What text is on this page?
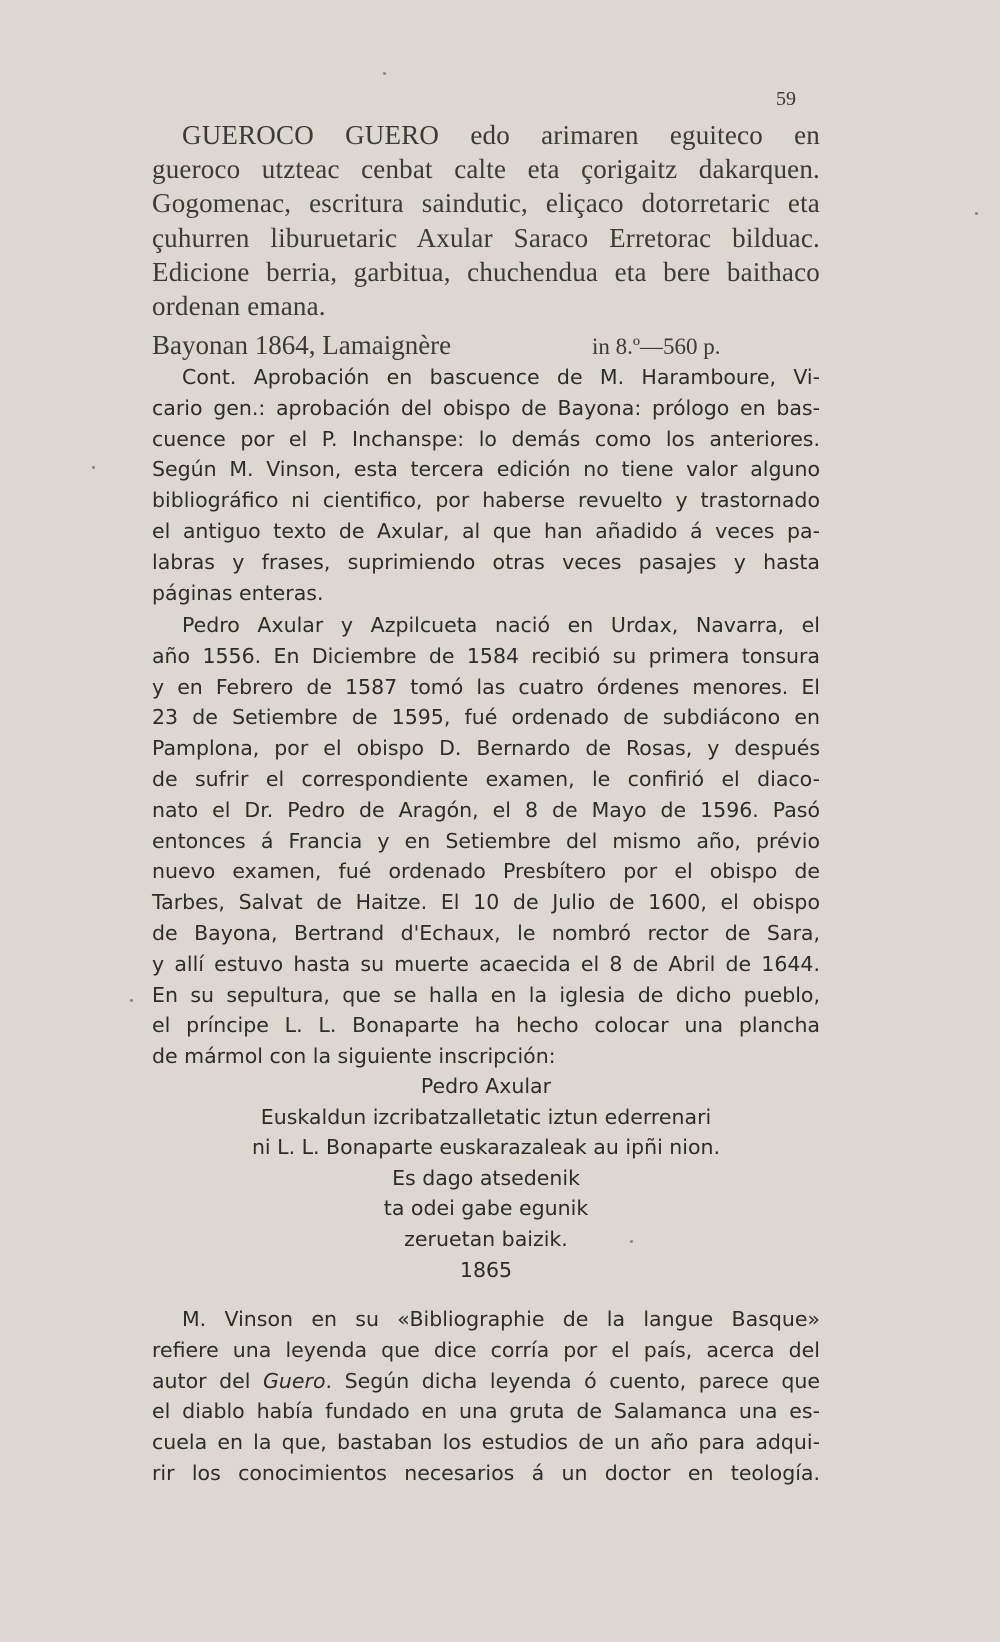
59
GUEROCO GUERO edo arimaren eguiteco en
gueroco utzteac cenbat calte eta çorigaitz dakarquen.
Gogomenac, escritura saindutic, eliçaco dotorretaric eta
çuhurren liburuetaric Axular Saraco Erretorac bilduac.
Edicione berria, garbitua, chuchendua eta bere baithaco
ordenan emana.
Bayonan 1864, Lamaignère	in 8.º—560 p.
Cont. Aprobación en bascuence de M. Haramboure, Vi-
cario gen.: aprobación del obispo de Bayona: prólogo en bas-
cuence por el P. Inchanspe: lo demás como los anteriores.
Según M. Vinson, esta tercera edición no tiene valor alguno
bibliográfico ni cientifico, por haberse revuelto y trastornado
el antiguo texto de Axular, al que han añadido á veces pa-
labras y frases, suprimiendo otras veces pasajes y hasta
páginas enteras.
Pedro Axular y Azpilcueta nació en Urdax, Navarra, el
año 1556. En Diciembre de 1584 recibió su primera tonsura
y en Febrero de 1587 tomó las cuatro órdenes menores. El
23 de Setiembre de 1595, fué ordenado de subdiácono en
Pamplona, por el obispo D. Bernardo de Rosas, y después
de sufrir el correspondiente examen, le confirió el diaco-
nato el Dr. Pedro de Aragón, el 8 de Mayo de 1596. Pasó
entonces á Francia y en Setiembre del mismo año, prévio
nuevo examen, fué ordenado Presbítero por el obispo de
Tarbes, Salvat de Haitze. El 10 de Julio de 1600, el obispo
de Bayona, Bertrand d'Echaux, le nombró rector de Sara,
y allí estuvo hasta su muerte acaecida el 8 de Abril de 1644.
En su sepultura, que se halla en la iglesia de dicho pueblo,
el príncipe L. L. Bonaparte ha hecho colocar una plancha
de mármol con la siguiente inscripción:
Pedro Axular
Euskaldun izcribatzalletatic iztun ederrenari
ni L. L. Bonaparte euskarazaleak au ipñi nion.
Es dago atsedenik
ta odei gabe egunik
zeruetan baizik.
1865
M. Vinson en su «Bibliographie de la langue Basque»
refiere una leyenda que dice corría por el país, acerca del
autor del Guero. Según dicha leyenda ó cuento, parece que
el diablo había fundado en una gruta de Salamanca una es-
cuela en la que, bastaban los estudios de un año para adqui-
rir los conocimientos necesarios á un doctor en teología.
